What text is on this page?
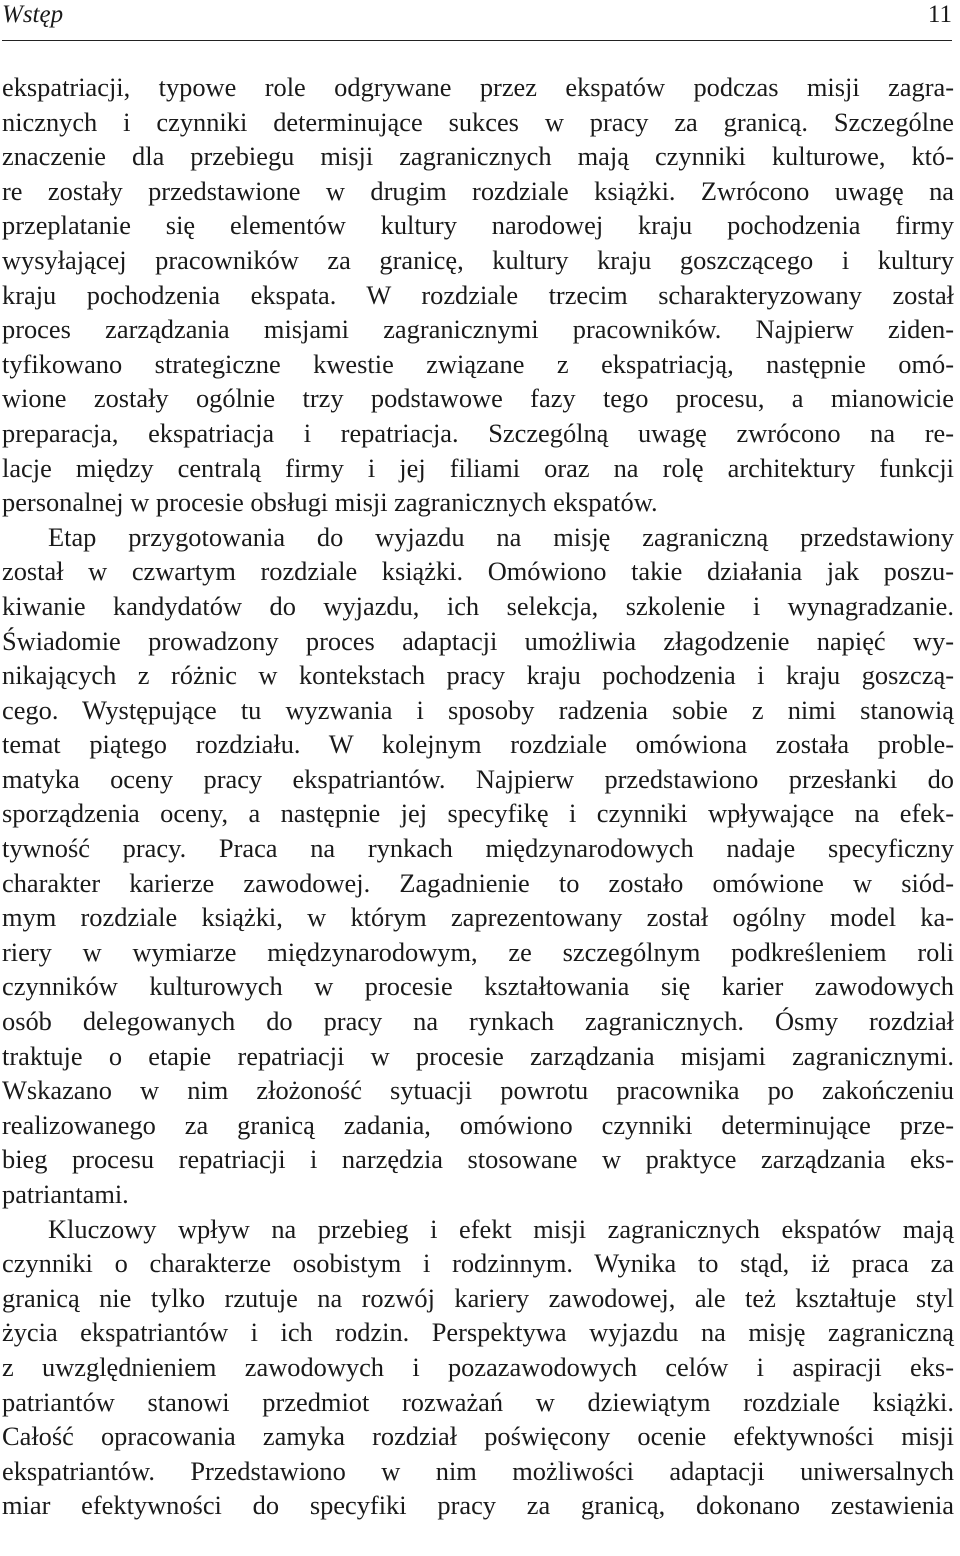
Wstęp	11
ekspatriacji, typowe role odgrywane przez ekspatów podczas misji zagra-
nicznych i czynniki determinujące sukces w pracy za granicą. Szczególne
znaczenie dla przebiegu misji zagranicznych mają czynniki kulturowe, któ-
re zostały przedstawione w drugim rozdziale książki. Zwrócono uwagę na
przeplatanie się elementów kultury narodowej kraju pochodzenia firmy
wysyłającej pracowników za granicę, kultury kraju goszczącego i kultury
kraju pochodzenia ekspata. W rozdziale trzecim scharakteryzowany został
proces zarządzania misjami zagranicznymi pracowników. Najpierw ziden-
tyfikowano strategiczne kwestie związane z ekspatriacją, następnie omó-
wione zostały ogólnie trzy podstawowe fazy tego procesu, a mianowicie
preparacja, ekspatriacja i repatriacja. Szczególną uwagę zwrócono na re-
lacje między centralą firmy i jej filiami oraz na rolę architektury funkcji
personalnej w procesie obsługi misji zagranicznych ekspatów.
Etap przygotowania do wyjazdu na misję zagraniczną przedstawiony
został w czwartym rozdziale książki. Omówiono takie działania jak poszu-
kiwanie kandydatów do wyjazdu, ich selekcja, szkolenie i wynagradzanie.
Świadomie prowadzony proces adaptacji umożliwia złagodzenie napięć wy-
nikających z różnic w kontekstach pracy kraju pochodzenia i kraju goszczą-
cego. Występujące tu wyzwania i sposoby radzenia sobie z nimi stanowią
temat piątego rozdziału. W kolejnym rozdziale omówiona została proble-
matyka oceny pracy ekspatriantów. Najpierw przedstawiono przesłanki do
sporządzenia oceny, a następnie jej specyfikę i czynniki wpływające na efek-
tywność pracy. Praca na rynkach międzynarodowych nadaje specyficzny
charakter karierze zawodowej. Zagadnienie to zostało omówione w siód-
mym rozdziale książki, w którym zaprezentowany został ogólny model ka-
riery w wymiarze międzynarodowym, ze szczególnym podkreśleniem roli
czynników kulturowych w procesie kształtowania się karier zawodowych
osób delegowanych do pracy na rynkach zagranicznych. Ósmy rozdział
traktuje o etapie repatriacji w procesie zarządzania misjami zagranicznymi.
Wskazano w nim złożoność sytuacji powrotu pracownika po zakończeniu
realizowanego za granicą zadania, omówiono czynniki determinujące prze-
bieg procesu repatriacji i narzędzia stosowane w praktyce zarządzania eks-
patriantami.
Kluczowy wpływ na przebieg i efekt misji zagranicznych ekspatów mają
czynniki o charakterze osobistym i rodzinnym. Wynika to stąd, iż praca za
granicą nie tylko rzutuje na rozwój kariery zawodowej, ale też kształtuje styl
życia ekspatriantów i ich rodzin. Perspektywa wyjazdu na misję zagraniczną
z uwzględnieniem zawodowych i pozazawodowych celów i aspiracji eks-
patriantów stanowi przedmiot rozważań w dziewiątym rozdziale książki.
Całość opracowania zamyka rozdział poświęcony ocenie efektywności misji
ekspatriantów. Przedstawiono w nim możliwości adaptacji uniwersalnych
miar efektywności do specyfiki pracy za granicą, dokonano zestawienia
